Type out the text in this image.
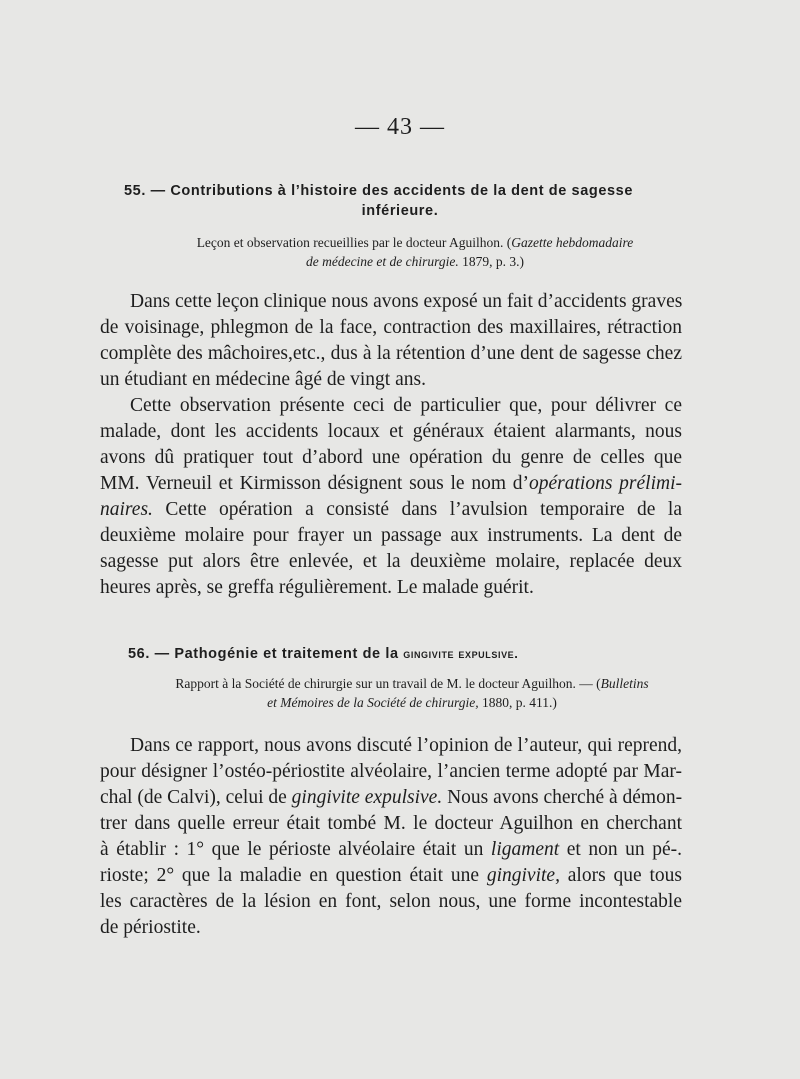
— 43 —
55. — Contributions à l’histoire des accidents de la dent de sagesse
inférieure.
Leçon et observation recueillies par le docteur Aguilhon. (Gazette hebdomadaire
de médecine et de chirurgie. 1879, p. 3.)
Dans cette leçon clinique nous avons exposé un fait d’accidents graves
de voisinage, phlegmon de la face, contraction des maxillaires, rétraction
complète des mâchoires,etc., dus à la rétention d’une dent de sagesse chez
un étudiant en médecine âgé de vingt ans.
Cette observation présente ceci de particulier que, pour délivrer ce
malade, dont les accidents locaux et généraux étaient alarmants, nous
avons dû pratiquer tout d’abord une opération du genre de celles que
MM. Verneuil et Kirmisson désignent sous le nom d’opérations prélimi-
naires. Cette opération a consisté dans l’avulsion temporaire de la
deuxième molaire pour frayer un passage aux instruments. La dent de
sagesse put alors être enlevée, et la deuxième molaire, replacée deux
heures après, se greffa régulièrement. Le malade guérit.
56. — Pathogénie et traitement de la gingivite expulsive.
Rapport à la Société de chirurgie sur un travail de M. le docteur Aguilhon. — (Bulletins
et Mémoires de la Société de chirurgie, 1880, p. 411.)
Dans ce rapport, nous avons discuté l’opinion de l’auteur, qui reprend,
pour désigner l’ostéo-périostite alvéolaire, l’ancien terme adopté par Mar-
chal (de Calvi), celui de gingivite expulsive. Nous avons cherché à démon-
trer dans quelle erreur était tombé M. le docteur Aguilhon en cherchant
à établir : 1° que le périoste alvéolaire était un ligament et non un pé-.
rioste; 2° que la maladie en question était une gingivite, alors que tous
les caractères de la lésion en font, selon nous, une forme incontestable
de périostite.
